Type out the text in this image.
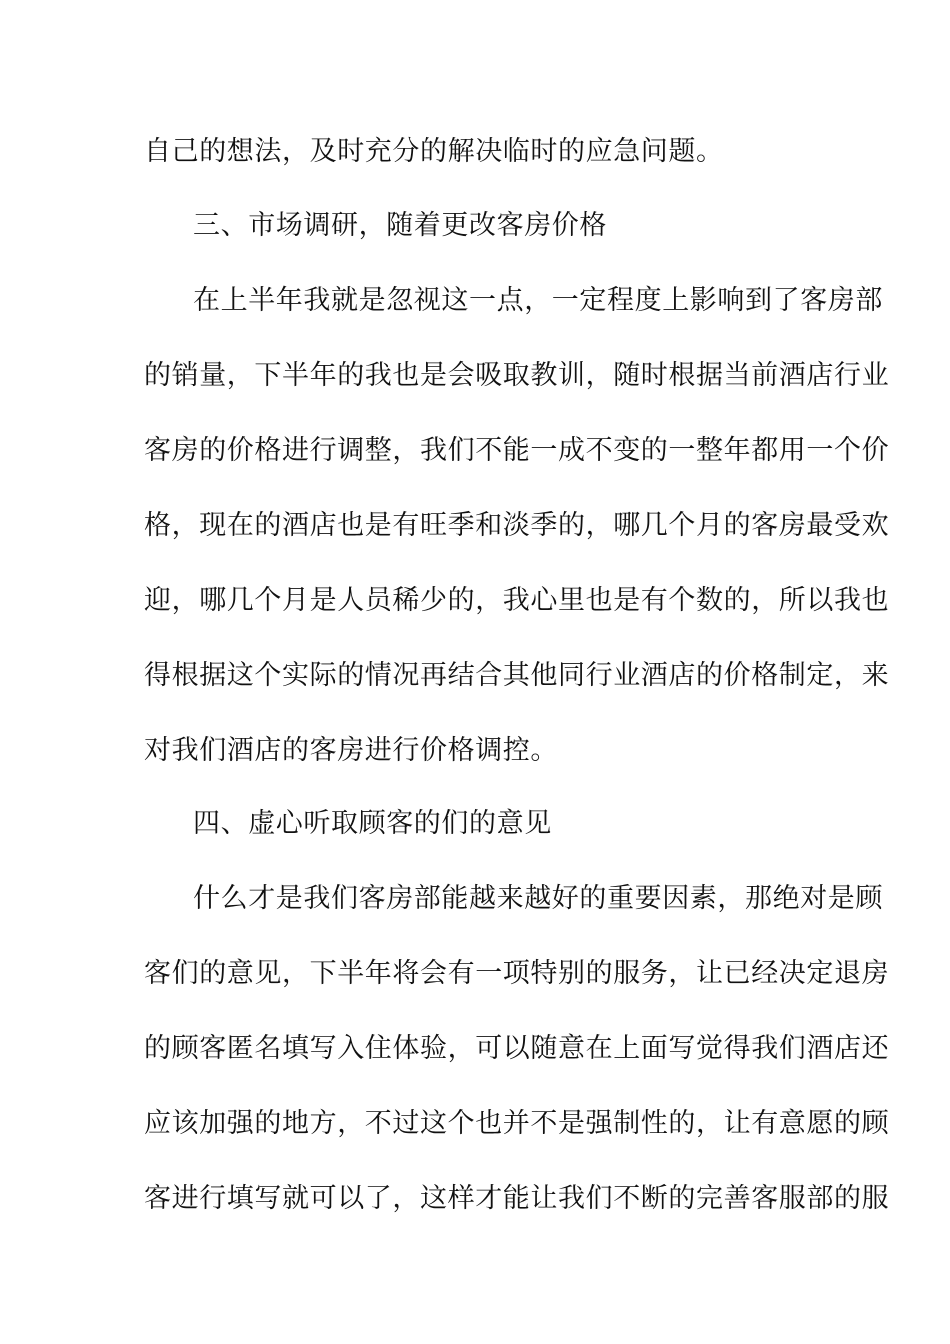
自己的想法，及时充分的解决临时的应急问题。

三、市场调研，随着更改客房价格

在上半年我就是忽视这一点，一定程度上影响到了客房部

的销量，下半年的我也是会吸取教训，随时根据当前酒店行业

客房的价格进行调整，我们不能一成不变的一整年都用一个价

格，现在的酒店也是有旺季和淡季的，哪几个月的客房最受欢

迎，哪几个月是人员稀少的，我心里也是有个数的，所以我也

得根据这个实际的情况再结合其他同行业酒店的价格制定，来

对我们酒店的客房进行价格调控。

四、虚心听取顾客的们的意见

什么才是我们客房部能越来越好的重要因素，那绝对是顾

客们的意见，下半年将会有一项特别的服务，让已经决定退房

的顾客匿名填写入住体验，可以随意在上面写觉得我们酒店还

应该加强的地方，不过这个也并不是强制性的，让有意愿的顾

客进行填写就可以了，这样才能让我们不断的完善客服部的服
